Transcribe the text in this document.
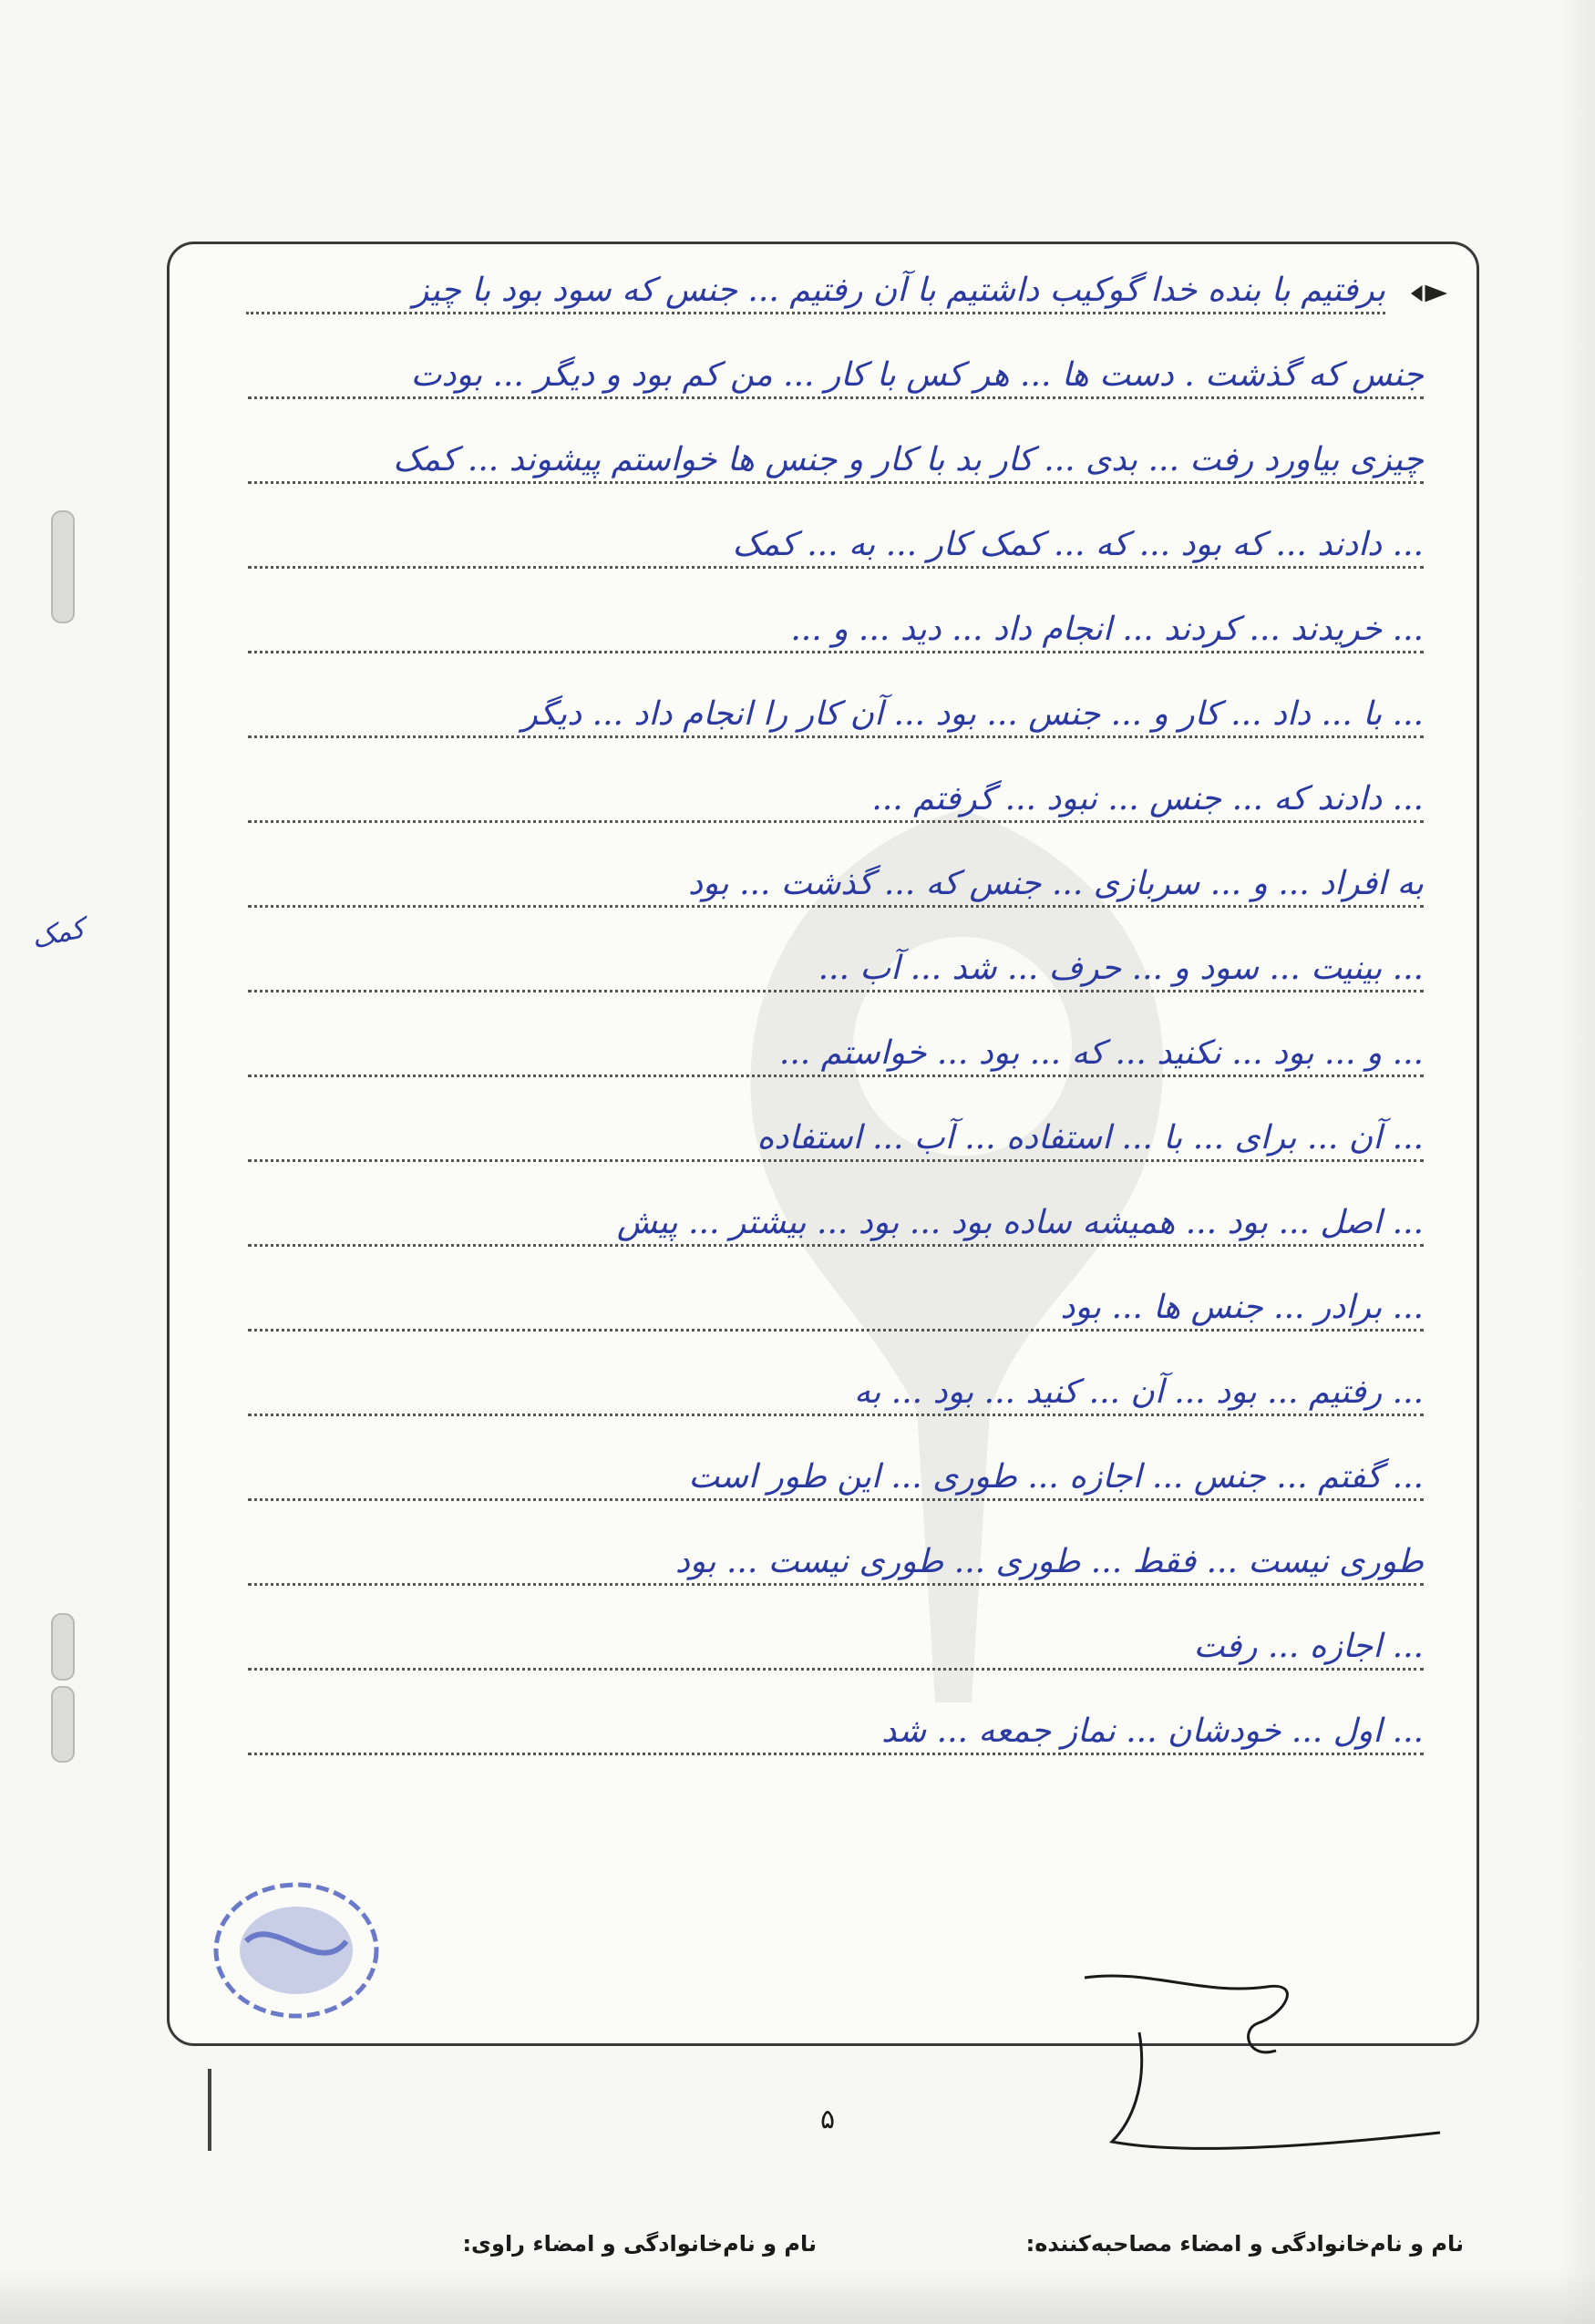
کمک
برفتیم با بنده خدا گوکیب داشتیم با آن رفتیم ... جنس که سود بود با چیز
جنس که گذشت . دست ها ... هر کس با کار ... من کم بود و دیگر ... بودت
چیزی بیاورد رفت ... بدی ... کار بد با کار و جنس ها خواستم پیشوند ... کمک
... دادند ... که بود ... که ... کمک کار ... به ... کمک
... خریدند ... کردند ... انجام داد ... دید ... و ...
... با ... داد ... کار و ... جنس ... بود ... آن کار را انجام داد ... دیگر
... دادند که ... جنس ... نبود ... گرفتم ...
به افراد ... و ... سربازی ... جنس که ... گذشت ... بود
... بینیت ... سود و ... حرف ... شد ... آب ...
... و ... بود ... نکنید ... که ... بود ... خواستم ...
... آن ... برای ... با ... استفاده ... آب ... استفاده
... اصل ... بود ... همیشه ساده بود ... بود ... بیشتر ... پیش
... برادر ... جنس ها ... بود
... رفتیم ... بود ... آن ... کنید ... بود ... به
... گفتم ... جنس ... اجازه ... طوری ... این طور است
طوری نیست ... فقط ... طوری ... طوری نیست ... بود
... اجازه ... رفت
... اول ... خودشان ... نماز جمعه ... شد
نام و نام‌خانوادگی و امضاء مصاحبه‌کننده:
نام و نام‌خانوادگی و امضاء راوی:
۵
